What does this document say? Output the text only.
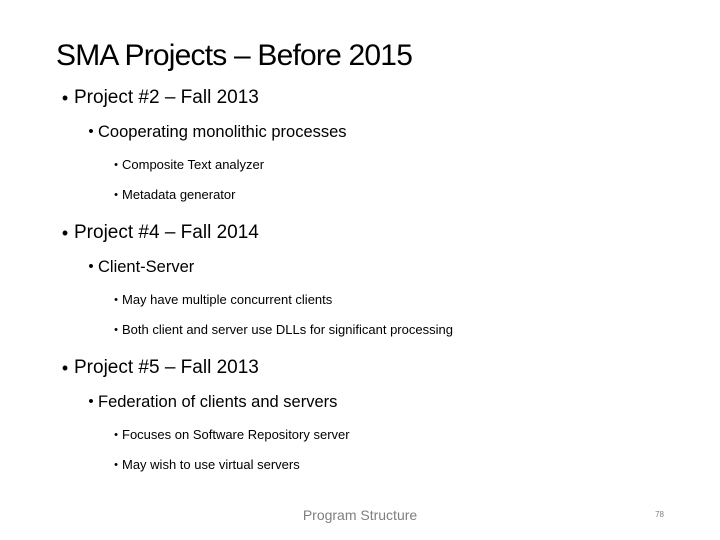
SMA Projects – Before 2015
• Project #2 – Fall 2013
• Cooperating monolithic processes
• Composite Text analyzer
• Metadata generator
• Project #4 – Fall 2014
• Client-Server
• May have multiple concurrent clients
• Both client and server use DLLs for significant processing
• Project #5 – Fall 2013
• Federation of clients and servers
• Focuses on Software Repository server
• May wish to use virtual servers
Program Structure	78
